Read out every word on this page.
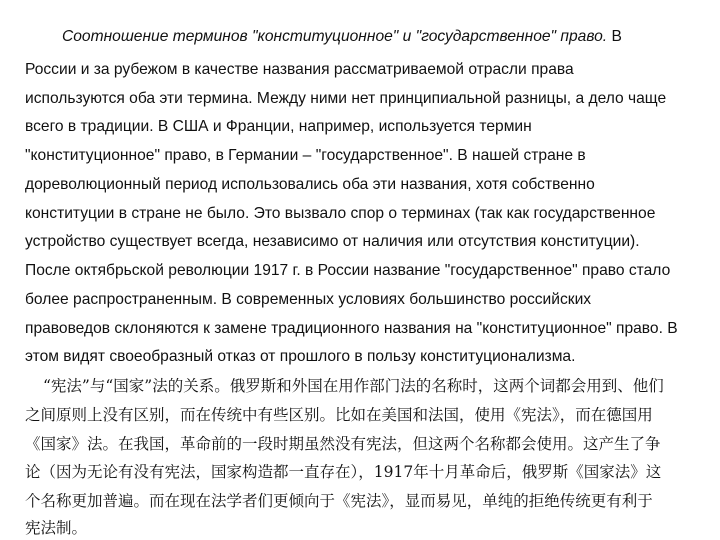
Соотношение терминов "конституционное" и "государственное" право. В
России и за рубежом в качестве названия рассматриваемой отрасли права
используются оба эти термина. Между ними нет принципиальной разницы, а дело чаще
всего в традиции. В США и Франции, например, используется термин
"конституционное" право, в Германии – "государственное". В нашей стране в
дореволюционный период использовались оба эти названия, хотя собственно
конституции в стране не было. Это вызвало спор о терминах (так как государственное
устройство существует всегда, независимо от наличия или отсутствия конституции).
После октябрьской революции 1917 г. в России название "государственное" право стало
более распространенным. В современных условиях большинство российских
правоведов склоняются к замене традиционного названия на "конституционное" право. В
этом видят своеобразный отказ от прошлого в пользу конституционализма.
“宪法”与“国家”法的关系。俄罗斯和外国在用作部门法的名称时，这两个词都会用到、他们
之间原则上没有区别，而在传统中有些区别。比如在美国和法国，使用《宪法》，而在德国用
《国家》法。在我国，革命前的一段时期虽然没有宪法，但这两个名称都会使用。这产生了争
论（因为无论有没有宪法，国家构造都一直存在），1917年十月革命后，俄罗斯《国家法》这
个名称更加普遍。而在现在法学者们更倾向于《宪法》，显而易见，单纯的拒绝传统更有利于
宪法制。
